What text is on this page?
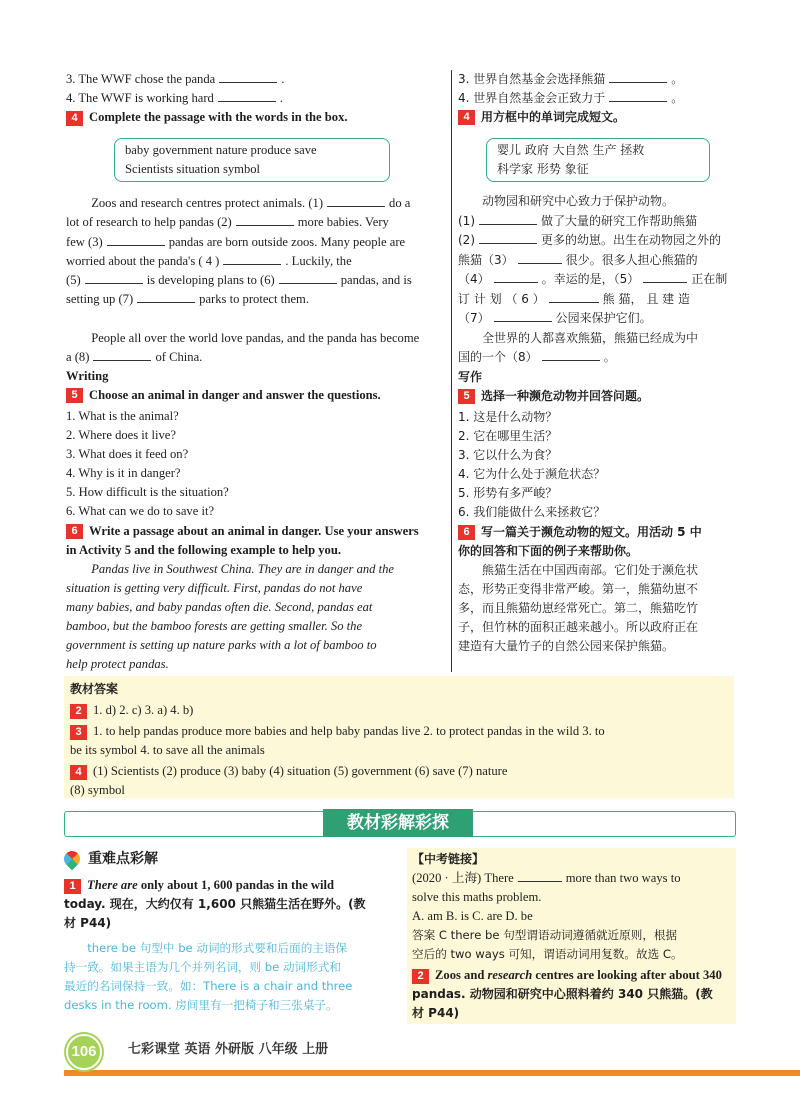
3. The WWF chose the panda	.
4. The WWF is working hard	.
4 Complete the passage with the words in the box.
baby government nature produce save
Scientists situation symbol
Zoos and research centres protect animals. (1)	do a
lot of research to help pandas (2)	more babies. Very
few (3)	pandas are born outside zoos. Many people are
worried about the panda's ( 4 )	. Luckily, the
(5)	is developing plans to (6)	pandas, and is
setting up (7)	parks to protect them.
People all over the world love pandas, and the panda has become
a (8)	of China.
Writing
5 Choose an animal in danger and answer the questions.
1. What is the animal?
2. Where does it live?
3. What does it feed on?
4. Why is it in danger?
5. How difficult is the situation?
6. What can we do to save it?
6 Write a passage about an animal in danger. Use your answers
in Activity 5 and the following example to help you.
Pandas live in Southwest China. They are in danger and the
situation is getting very difficult. First, pandas do not have
many babies, and baby pandas often die. Second, pandas eat
bamboo, but the bamboo forests are getting smaller. So the
government is setting up nature parks with a lot of bamboo to
help protect pandas.
3. 世界自然基金会选择熊猫	。
4. 世界自然基金会正致力于	。
4 用方框中的单词完成短文。
婴儿 政府 大自然 生产 拯救
科学家 形势 象征
动物园和研究中心致力于保护动物。
(1)	做了大量的研究工作帮助熊猫
(2)	更多的幼崽。出生在动物园之外的
熊猫（3）	很少。很多人担心熊猫的
（4）	。幸运的是，（5）	正在制
订 计 划 （ 6 ）	熊 猫， 且 建 造
（7）	公园来保护它们。
全世界的人都喜欢熊猫，熊猫已经成为中
国的一个（8）	。
写作
5 选择一种濒危动物并回答问题。
1. 这是什么动物？
2. 它在哪里生活？
3. 它以什么为食？
4. 它为什么处于濒危状态？
5. 形势有多严峻？
6. 我们能做什么来拯救它？
6 写一篇关于濒危动物的短文。用活动 5 中
你的回答和下面的例子来帮助你。
熊猫生活在中国西南部。它们处于濒危状
态，形势正变得非常严峻。第一，熊猫幼崽不
多，而且熊猫幼崽经常死亡。第二，熊猫吃竹
子，但竹林的面积正越来越小。所以政府正在
建造有大量竹子的自然公园来保护熊猫。
教材答案
2 1. d) 2. c) 3. a) 4. b)
3 1. to help pandas produce more babies and help baby pandas live 2. to protect pandas in the wild 3. to
be its symbol 4. to save all the animals
4 (1) Scientists (2) produce (3) baby (4) situation (5) government (6) save (7) nature
(8) symbol
教材彩解彩探
重难点彩解
1 There are only about 1, 600 pandas in the wild
today. 现在，大约仅有 1,600 只熊猫生活在野外。(教
材 P44)
there be 句型中 be 动词的形式要和后面的主语保
持一致。如果主语为几个并列名词，则 be 动词形式和
最近的名词保持一致。如：There is a chair and three
desks in the room. 房间里有一把椅子和三张桌子。
【中考链接】
(2020 · 上海) There	more than two ways to
solve this maths problem.
A. am B. is C. are D. be
答案 C there be 句型谓语动词遵循就近原则，根据
空后的 two ways 可知，谓语动词用复数。故选 C。
2 Zoos and research centres are looking after about 340
pandas. 动物园和研究中心照料着约 340 只熊猫。(教
材 P44)
106	七彩课堂 英语 外研版 八年级 上册
